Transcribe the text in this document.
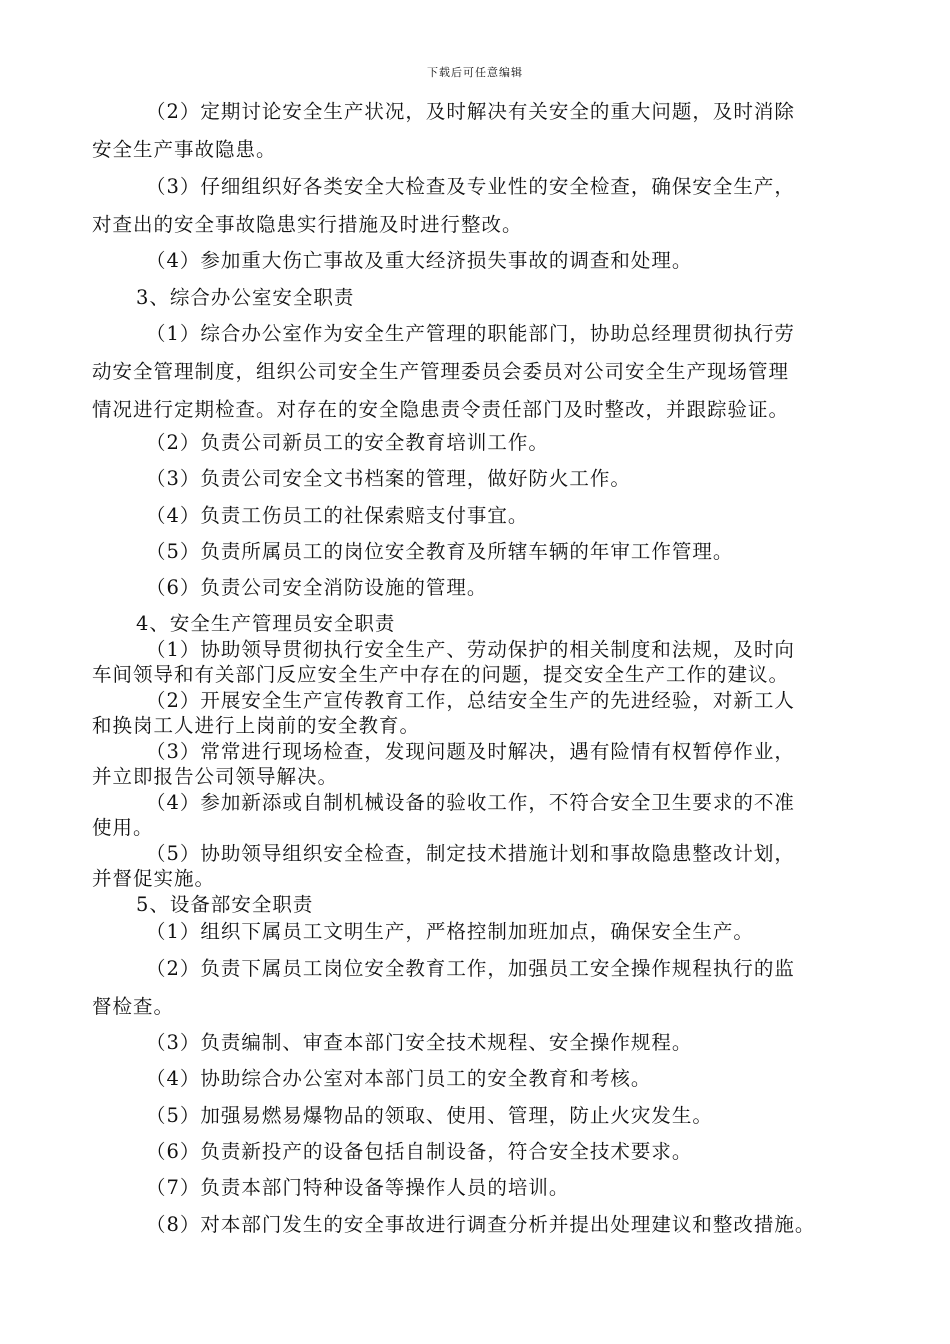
下载后可任意编辑

（2）定期讨论安全生产状况，及时解决有关安全的重大问题，及时消除
安全生产事故隐患。

（3）仔细组织好各类安全大检查及专业性的安全检查，确保安全生产，
对查出的安全事故隐患实行措施及时进行整改。

（4）参加重大伤亡事故及重大经济损失事故的调查和处理。

3、综合办公室安全职责

（1）综合办公室作为安全生产管理的职能部门，协助总经理贯彻执行劳
动安全管理制度，组织公司安全生产管理委员会委员对公司安全生产现场管理
情况进行定期检查。对存在的安全隐患责令责任部门及时整改，并跟踪验证。

（2）负责公司新员工的安全教育培训工作。

（3）负责公司安全文书档案的管理，做好防火工作。

（4）负责工伤员工的社保索赔支付事宜。

（5）负责所属员工的岗位安全教育及所辖车辆的年审工作管理。

（6）负责公司安全消防设施的管理。

4、安全生产管理员安全职责
（1）协助领导贯彻执行安全生产、劳动保护的相关制度和法规，及时向
车间领导和有关部门反应安全生产中存在的问题，提交安全生产工作的建议。
（2）开展安全生产宣传教育工作，总结安全生产的先进经验，对新工人
和换岗工人进行上岗前的安全教育。
（3）常常进行现场检查，发现问题及时解决，遇有险情有权暂停作业，
并立即报告公司领导解决。
（4）参加新添或自制机械设备的验收工作，不符合安全卫生要求的不准
使用。
（5）协助领导组织安全检查，制定技术措施计划和事故隐患整改计划，
并督促实施。
5、设备部安全职责

（1）组织下属员工文明生产，严格控制加班加点，确保安全生产。

（2）负责下属员工岗位安全教育工作，加强员工安全操作规程执行的监
督检查。

（3）负责编制、审查本部门安全技术规程、安全操作规程。

（4）协助综合办公室对本部门员工的安全教育和考核。

（5）加强易燃易爆物品的领取、使用、管理，防止火灾发生。

（6）负责新投产的设备包括自制设备，符合安全技术要求。

（7）负责本部门特种设备等操作人员的培训。

（8）对本部门发生的安全事故进行调查分析并提出处理建议和整改措施。
